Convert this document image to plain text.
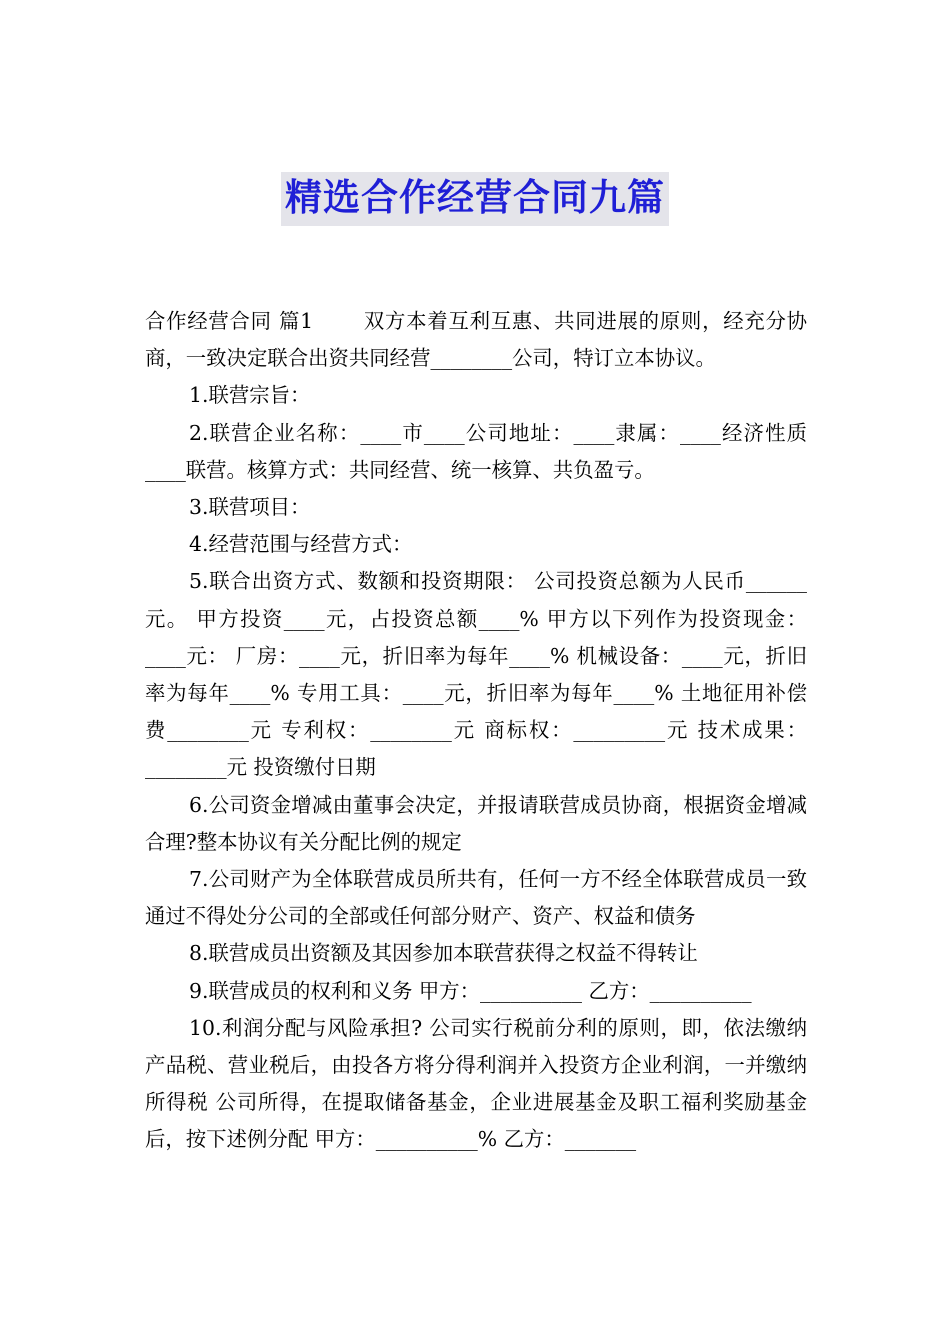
精选合作经营合同九篇

合作经营合同 篇1 双方本着互利互惠、共同进展的原则，经充分协商，一致决定联合出资共同经营________公司，特订立本协议。

1.联营宗旨：

2.联营企业名称：____市____公司地址：____隶属：____经济性质____联营。核算方式：共同经营、统一核算、共负盈亏。

3.联营项目：

4.经营范围与经营方式：

5.联合出资方式、数额和投资期限： 公司投资总额为人民币______元。 甲方投资____元，占投资总额____% 甲方以下列作为投资现金：____元： 厂房：____元，折旧率为每年____% 机械设备：____元，折旧率为每年____% 专用工具：____元，折旧率为每年____% 土地征用补偿费________元 专利权：________元 商标权：_________元 技术成果：________元 投资缴付日期

6.公司资金增减由董事会决定，并报请联营成员协商，根据资金增减合理?整本协议有关分配比例的规定

7.公司财产为全体联营成员所共有，任何一方不经全体联营成员一致通过不得处分公司的全部或任何部分财产、资产、权益和债务

8.联营成员出资额及其因参加本联营获得之权益不得转让

9.联营成员的权利和义务 甲方：__________ 乙方：__________

10.利润分配与风险承担? 公司实行税前分利的原则，即，依法缴纳产品税、营业税后，由投各方将分得利润并入投资方企业利润，一并缴纳所得税 公司所得，在提取储备基金，企业进展基金及职工福利奖励基金后，按下述例分配 甲方：__________% 乙方：_______
